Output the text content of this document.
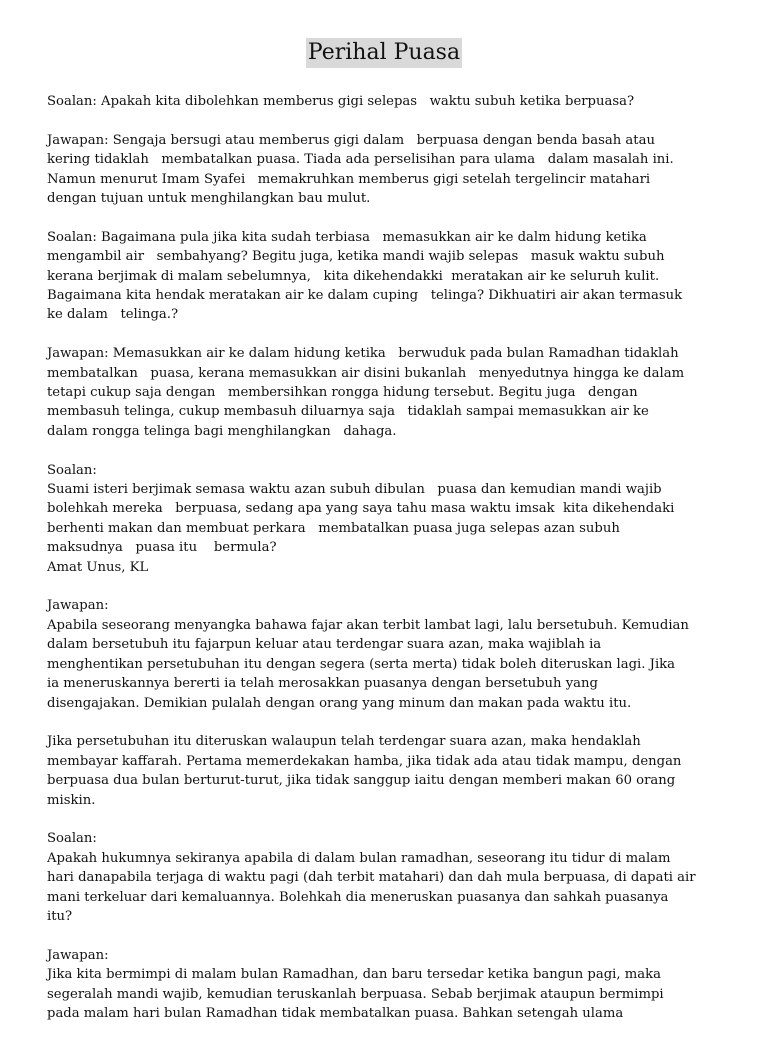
Perihal Puasa
Soalan: Apakah kita dibolehkan memberus gigi selepas   waktu subuh ketika berpuasa?
Jawapan: Sengaja bersugi atau memberus gigi dalam   berpuasa dengan benda basah atau
kering tidaklah   membatalkan puasa. Tiada ada perselisihan para ulama   dalam masalah ini.
Namun menurut Imam Syafei   memakruhkan memberus gigi setelah tergelincir matahari
dengan tujuan untuk menghilangkan bau mulut.
Soalan: Bagaimana pula jika kita sudah terbiasa   memasukkan air ke dalm hidung ketika
mengambil air   sembahyang? Begitu juga, ketika mandi wajib selepas   masuk waktu subuh
kerana berjimak di malam sebelumnya,   kita dikehendakki  meratakan air ke seluruh kulit.
Bagaimana kita hendak meratakan air ke dalam cuping   telinga? Dikhuatiri air akan termasuk
ke dalam   telinga.?
Jawapan: Memasukkan air ke dalam hidung ketika   berwuduk pada bulan Ramadhan tidaklah
membatalkan   puasa, kerana memasukkan air disini bukanlah   menyedutnya hingga ke dalam
tetapi cukup saja dengan   membersihkan rongga hidung tersebut. Begitu juga   dengan
membasuh telinga, cukup membasuh diluarnya saja   tidaklah sampai memasukkan air ke
dalam rongga telinga bagi menghilangkan   dahaga.
Soalan:
Suami isteri berjimak semasa waktu azan subuh dibulan   puasa dan kemudian mandi wajib
bolehkah mereka   berpuasa, sedang apa yang saya tahu masa waktu imsak  kita dikehendaki
berhenti makan dan membuat perkara   membatalkan puasa juga selepas azan subuh
maksudnya   puasa itu    bermula?
Amat Unus, KL
Jawapan:
Apabila seseorang menyangka bahawa fajar akan terbit lambat lagi, lalu bersetubuh. Kemudian
dalam bersetubuh itu fajarpun keluar atau terdengar suara azan, maka wajiblah ia
menghentikan persetubuhan itu dengan segera (serta merta) tidak boleh diteruskan lagi. Jika
ia meneruskannya bererti ia telah merosakkan puasanya dengan bersetubuh yang
disengajakan. Demikian pulalah dengan orang yang minum dan makan pada waktu itu.
Jika persetubuhan itu diteruskan walaupun telah terdengar suara azan, maka hendaklah
membayar kaffarah. Pertama memerdekakan hamba, jika tidak ada atau tidak mampu, dengan
berpuasa dua bulan berturut-turut, jika tidak sanggup iaitu dengan memberi makan 60 orang
miskin.
Soalan:
Apakah hukumnya sekiranya apabila di dalam bulan ramadhan, seseorang itu tidur di malam
hari danapabila terjaga di waktu pagi (dah terbit matahari) dan dah mula berpuasa, di dapati air
mani terkeluar dari kemaluannya. Bolehkah dia meneruskan puasanya dan sahkah puasanya
itu?
Jawapan:
Jika kita bermimpi di malam bulan Ramadhan, dan baru tersedar ketika bangun pagi, maka
segeralah mandi wajib, kemudian teruskanlah berpuasa. Sebab berjimak ataupun bermimpi
pada malam hari bulan Ramadhan tidak membatalkan puasa. Bahkan setengah ulama
